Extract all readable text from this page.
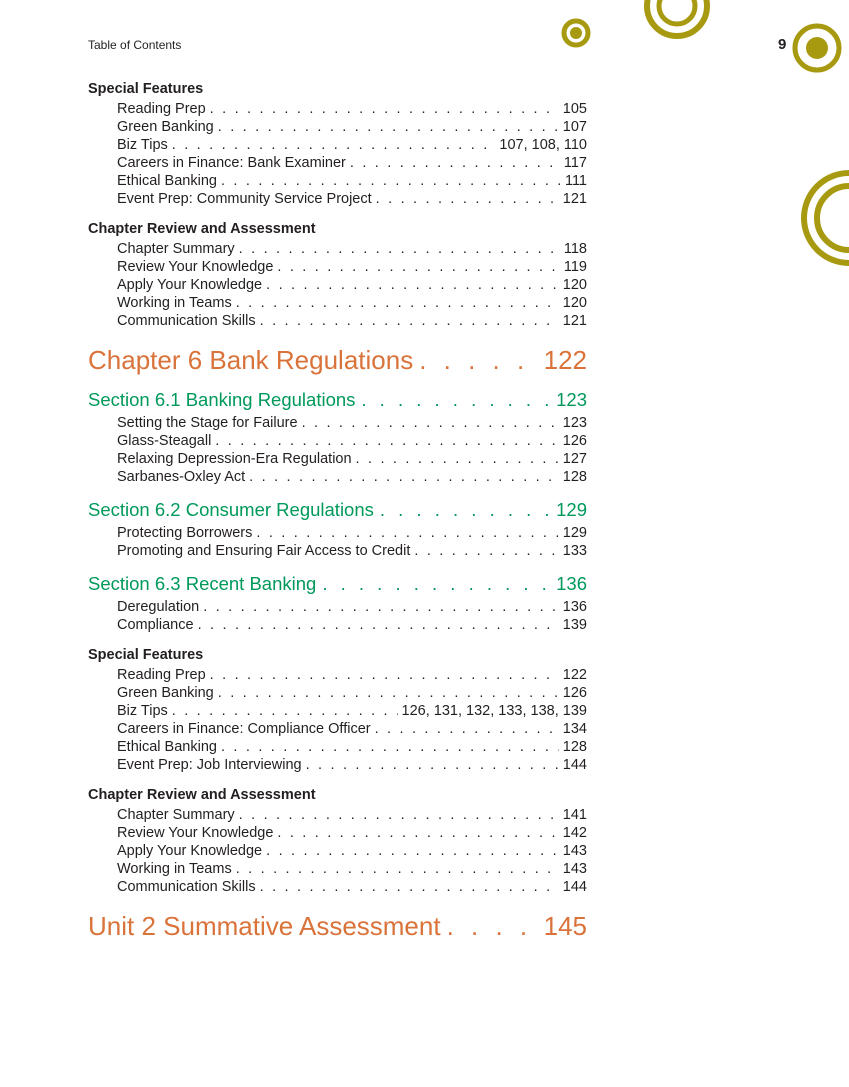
Table of Contents	9
Special Features
Reading Prep . . .	105
Green Banking . . .	107
Biz Tips . . .	107, 108, 110
Careers in Finance: Bank Examiner . . .	117
Ethical Banking . . .	111
Event Prep: Community Service Project . . .	121
Chapter Review and Assessment
Chapter Summary . . .	118
Review Your Knowledge . . .	119
Apply Your Knowledge . . .	120
Working in Teams . . .	120
Communication Skills . . .	121
Chapter 6 Bank Regulations . . .	122
Section 6.1 Banking Regulations . . .	123
Setting the Stage for Failure . . .	123
Glass-Steagall . . .	126
Relaxing Depression-Era Regulation . . .	127
Sarbanes-Oxley Act . . .	128
Section 6.2 Consumer Regulations . . .	129
Protecting Borrowers . . .	129
Promoting and Ensuring Fair Access to Credit . . .	133
Section 6.3 Recent Banking . . .	136
Deregulation . . .	136
Compliance . . .	139
Special Features
Reading Prep . . .	122
Green Banking . . .	126
Biz Tips . . .	126, 131, 132, 133, 138, 139
Careers in Finance: Compliance Officer . . .	134
Ethical Banking . . .	128
Event Prep: Job Interviewing . . .	144
Chapter Review and Assessment
Chapter Summary . . .	141
Review Your Knowledge . . .	142
Apply Your Knowledge . . .	143
Working in Teams . . .	143
Communication Skills . . .	144
Unit 2 Summative Assessment . . .	145
